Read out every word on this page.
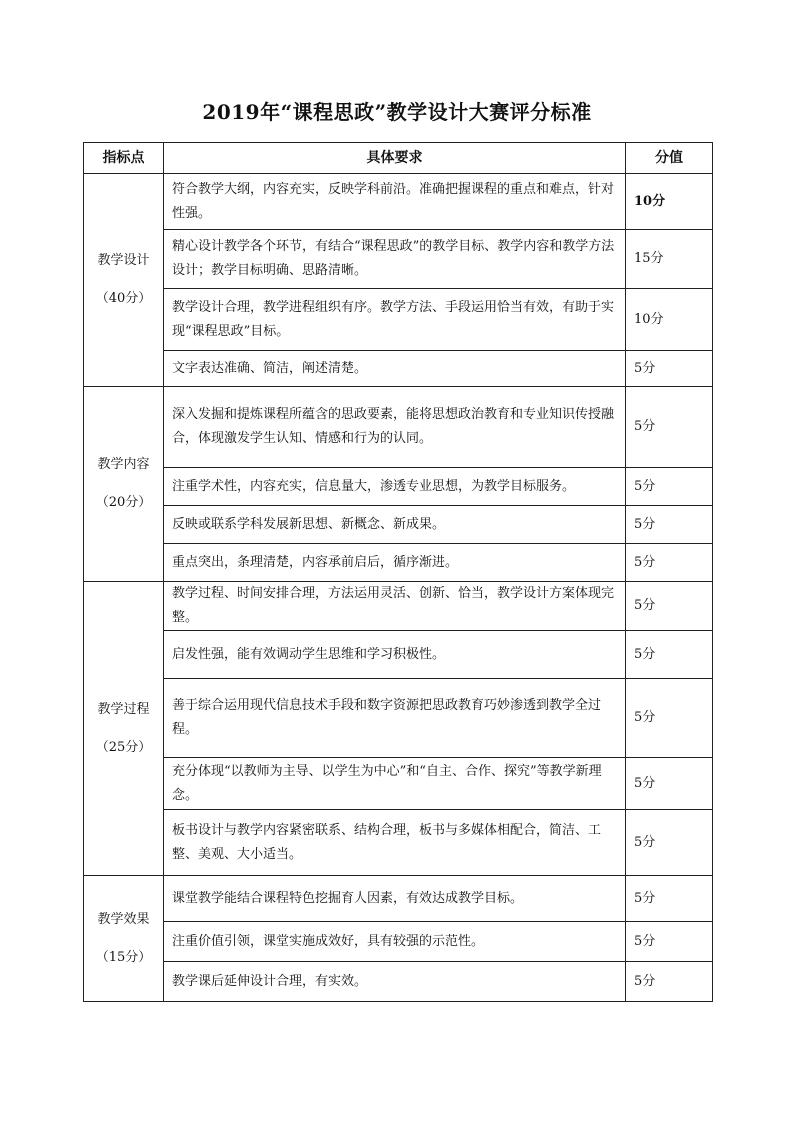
2019年“课程思政”教学设计大赛评分标准
指标点	具体要求	分值
教学设计
（40分）	符合教学大纲，内容充实，反映学科前沿。准确把握课程的重点和难点，针对性强。	10分
	精心设计教学各个环节，有结合“课程思政”的教学目标、教学内容和教学方法设计；教学目标明确、思路清晰。	15分
	教学设计合理，教学进程组织有序。教学方法、手段运用恰当有效，有助于实现“课程思政”目标。	10分
	文字表达准确、简洁，阐述清楚。	5分
教学内容
（20分）	深入发掘和提炼课程所蕴含的思政要素，能将思想政治教育和专业知识传授融合，体现激发学生认知、情感和行为的认同。	5分
	注重学术性，内容充实，信息量大，渗透专业思想，为教学目标服务。	5分
	反映或联系学科发展新思想、新概念、新成果。	5分
	重点突出，条理清楚，内容承前启后，循序渐进。	5分
教学过程
（25分）	教学过程、时间安排合理，方法运用灵活、创新、恰当，教学设计方案体现完整。	5分
	启发性强，能有效调动学生思维和学习积极性。	5分
	善于综合运用现代信息技术手段和数字资源把思政教育巧妙渗透到教学全过程。	5分
	充分体现“以教师为主导、以学生为中心”和“自主、合作、探究”等教学新理念。	5分
	板书设计与教学内容紧密联系、结构合理，板书与多媒体相配合，简洁、工整、美观、大小适当。	5分
教学效果
（15分）	课堂教学能结合课程特色挖掘育人因素，有效达成教学目标。	5分
	注重价值引领，课堂实施成效好，具有较强的示范性。	5分
	教学课后延伸设计合理，有实效。	5分
